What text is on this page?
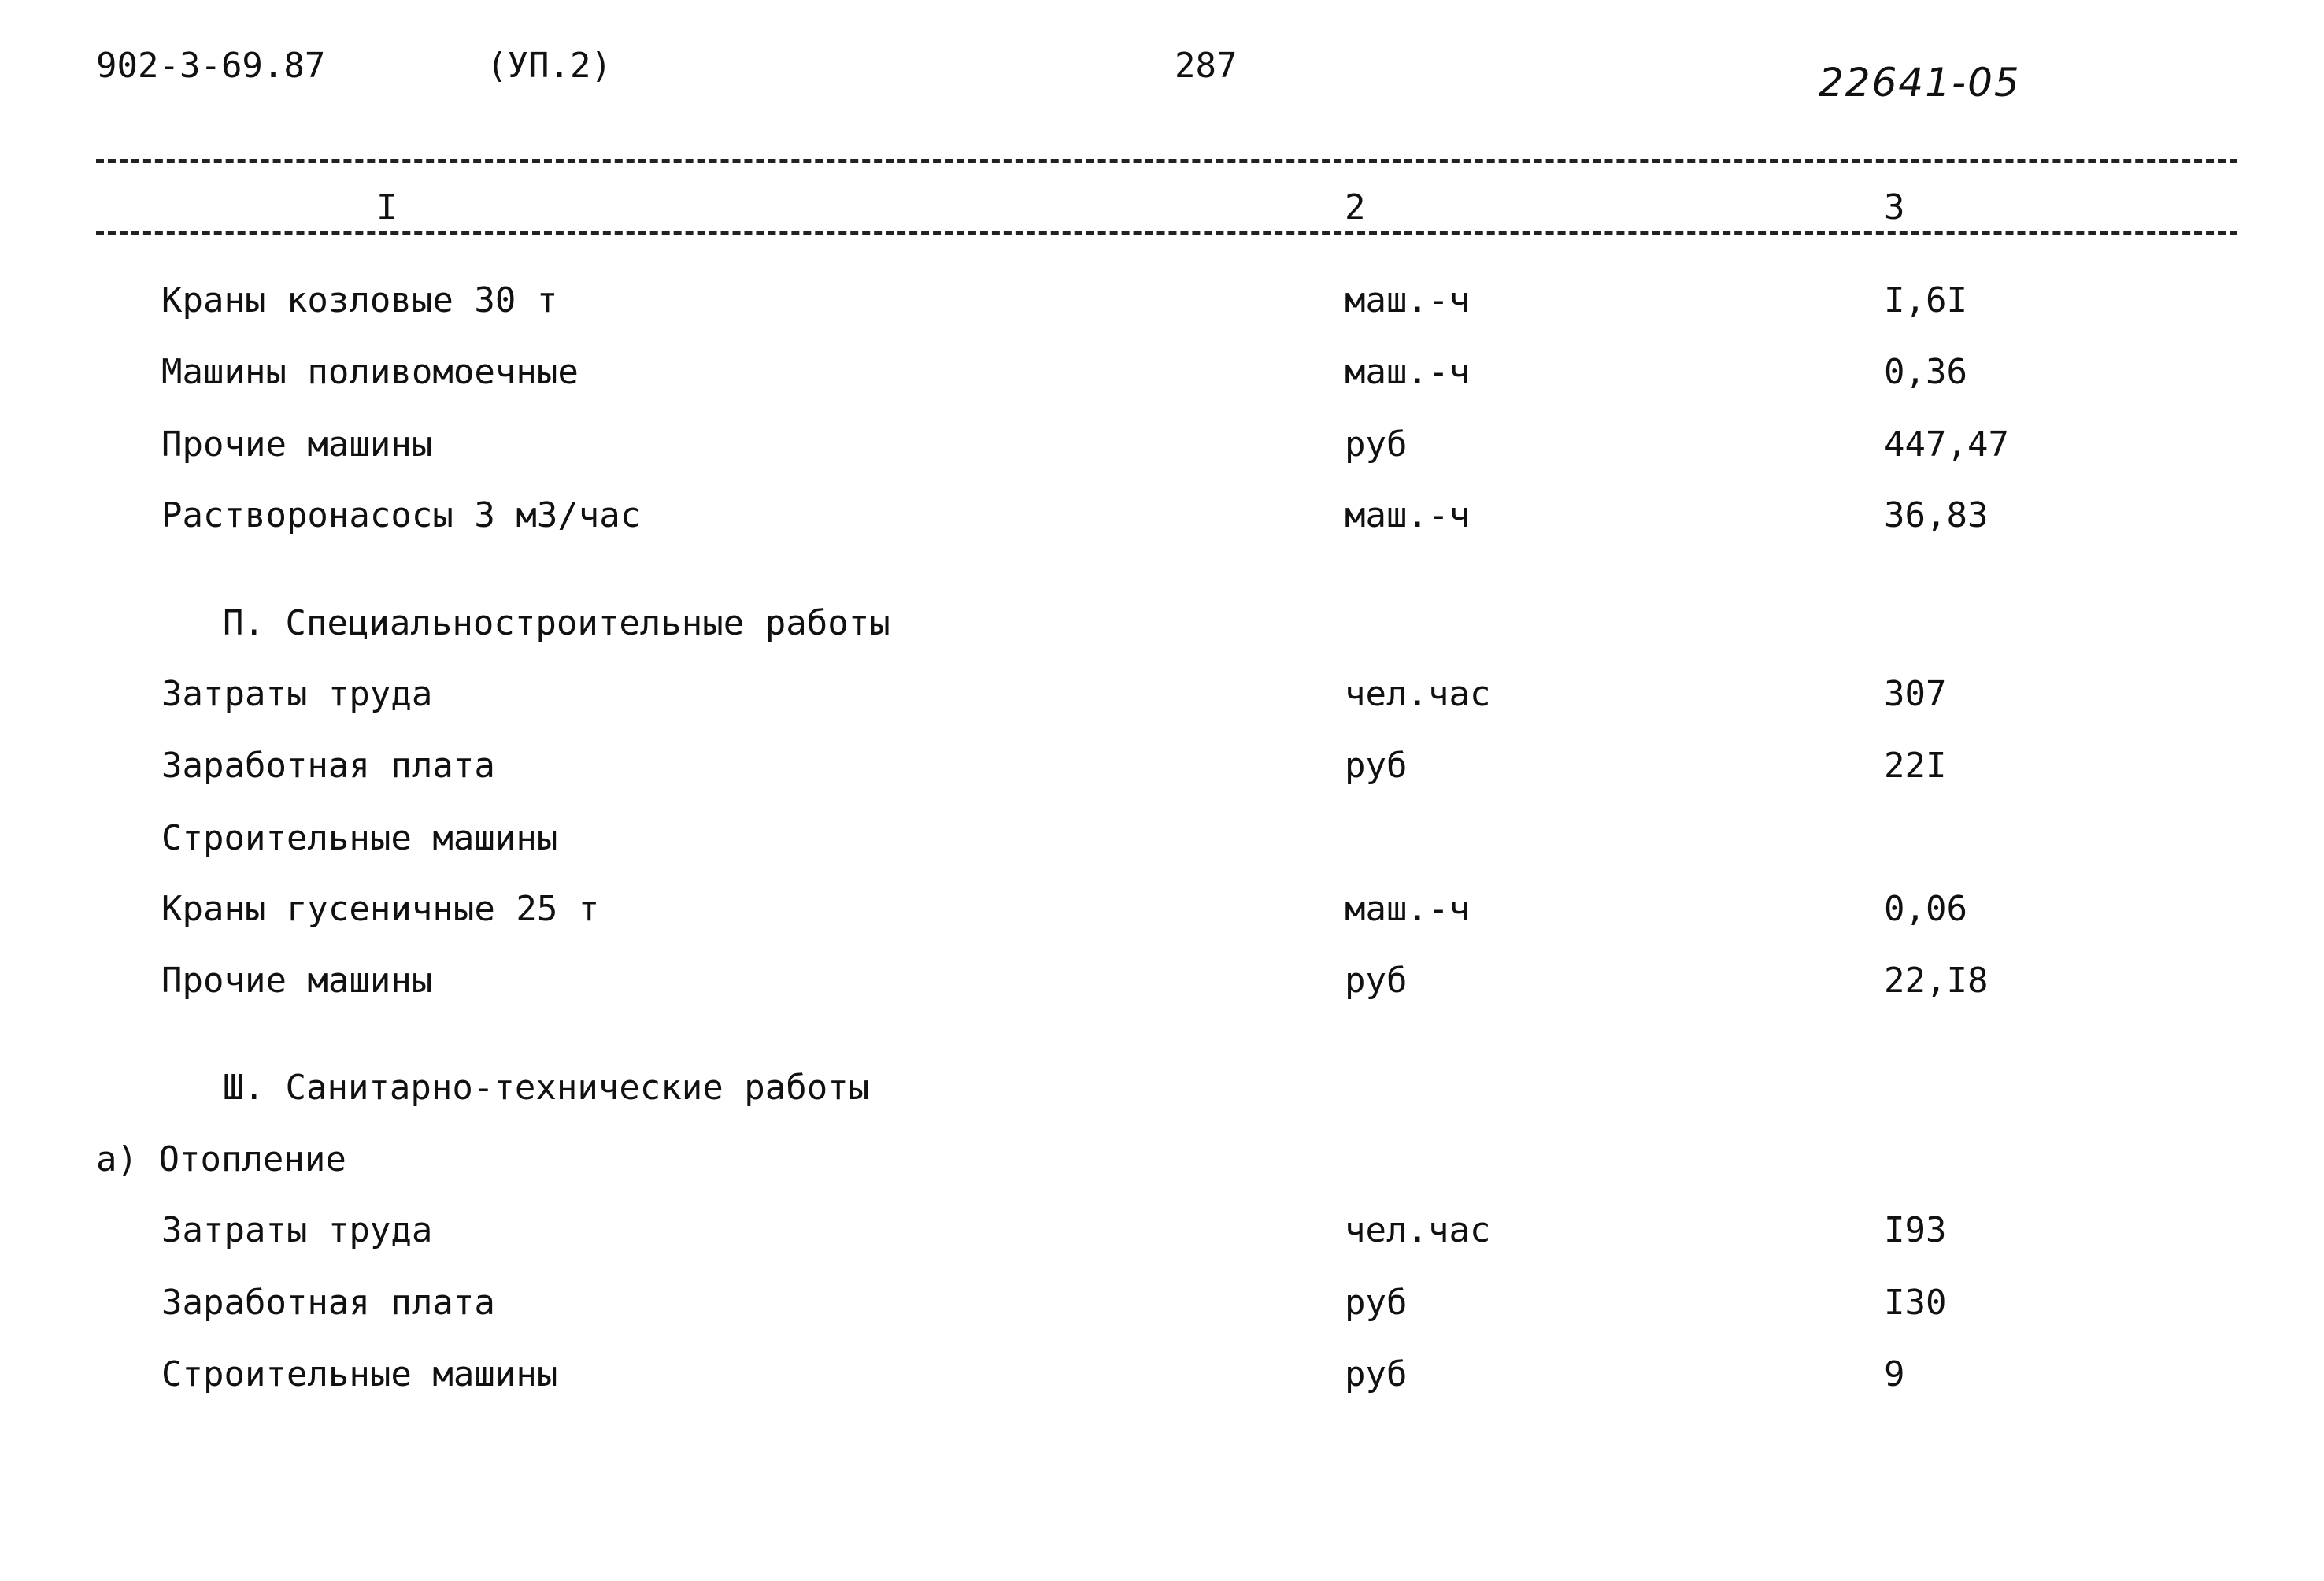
902-3-69.87	(УП.2)	287	22641-05
I	2	3
Краны козловые 30 т	маш.-ч	I,6I
Машины поливомоечные	маш.-ч	0,36
Прочие машины	руб	447,47
Растворонасосы 3 м3/час	маш.-ч	36,83
П. Специальностроительные работы
Затраты труда	чел.час	307
Заработная плата	руб	22I
Строительные машины
Краны гусеничные 25 т	маш.-ч	0,06
Прочие машины	руб	22,I8
Ш. Санитарно-технические работы
а) Отопление
Затраты труда	чел.час	I93
Заработная плата	руб	I30
Строительные машины	руб	9
